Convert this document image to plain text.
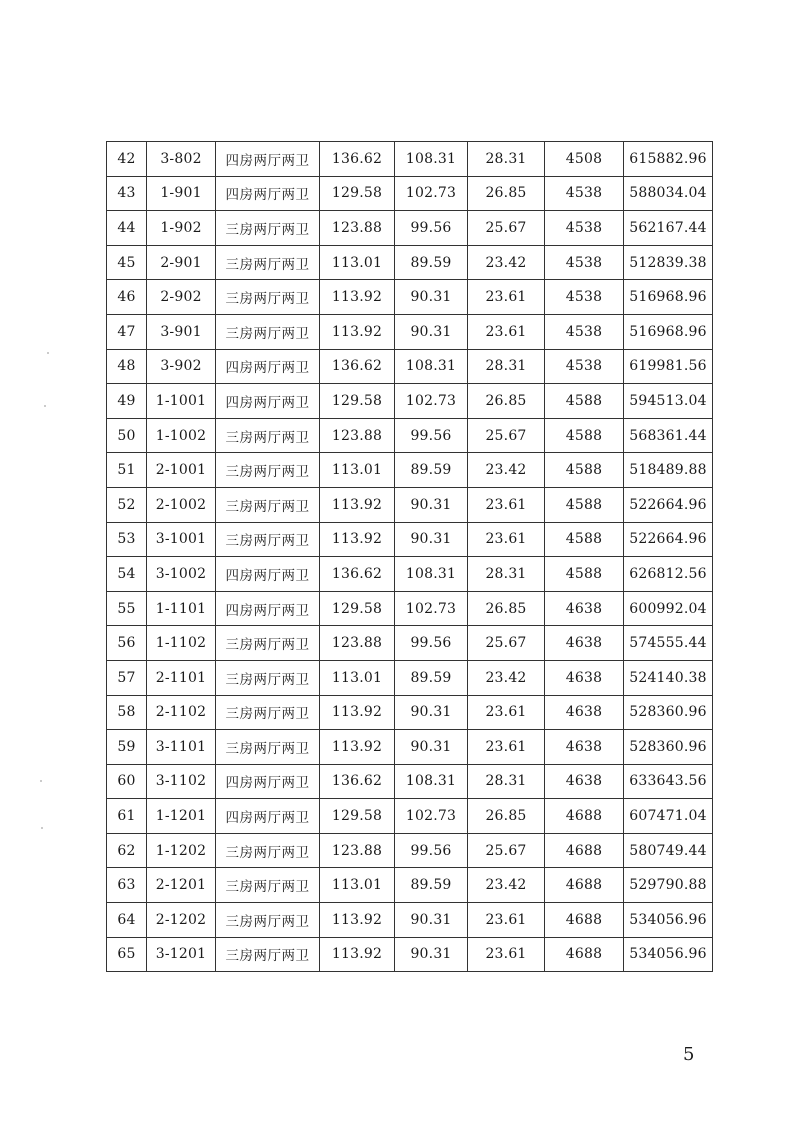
42	3-802	四房两厅两卫	136.62	108.31	28.31	4508	615882.96
43	1-901	四房两厅两卫	129.58	102.73	26.85	4538	588034.04
44	1-902	三房两厅两卫	123.88	99.56	25.67	4538	562167.44
45	2-901	三房两厅两卫	113.01	89.59	23.42	4538	512839.38
46	2-902	三房两厅两卫	113.92	90.31	23.61	4538	516968.96
47	3-901	三房两厅两卫	113.92	90.31	23.61	4538	516968.96
48	3-902	四房两厅两卫	136.62	108.31	28.31	4538	619981.56
49	1-1001	四房两厅两卫	129.58	102.73	26.85	4588	594513.04
50	1-1002	三房两厅两卫	123.88	99.56	25.67	4588	568361.44
51	2-1001	三房两厅两卫	113.01	89.59	23.42	4588	518489.88
52	2-1002	三房两厅两卫	113.92	90.31	23.61	4588	522664.96
53	3-1001	三房两厅两卫	113.92	90.31	23.61	4588	522664.96
54	3-1002	四房两厅两卫	136.62	108.31	28.31	4588	626812.56
55	1-1101	四房两厅两卫	129.58	102.73	26.85	4638	600992.04
56	1-1102	三房两厅两卫	123.88	99.56	25.67	4638	574555.44
57	2-1101	三房两厅两卫	113.01	89.59	23.42	4638	524140.38
58	2-1102	三房两厅两卫	113.92	90.31	23.61	4638	528360.96
59	3-1101	三房两厅两卫	113.92	90.31	23.61	4638	528360.96
60	3-1102	四房两厅两卫	136.62	108.31	28.31	4638	633643.56
61	1-1201	四房两厅两卫	129.58	102.73	26.85	4688	607471.04
62	1-1202	三房两厅两卫	123.88	99.56	25.67	4688	580749.44
63	2-1201	三房两厅两卫	113.01	89.59	23.42	4688	529790.88
64	2-1202	三房两厅两卫	113.92	90.31	23.61	4688	534056.96
65	3-1201	三房两厅两卫	113.92	90.31	23.61	4688	534056.96
5
